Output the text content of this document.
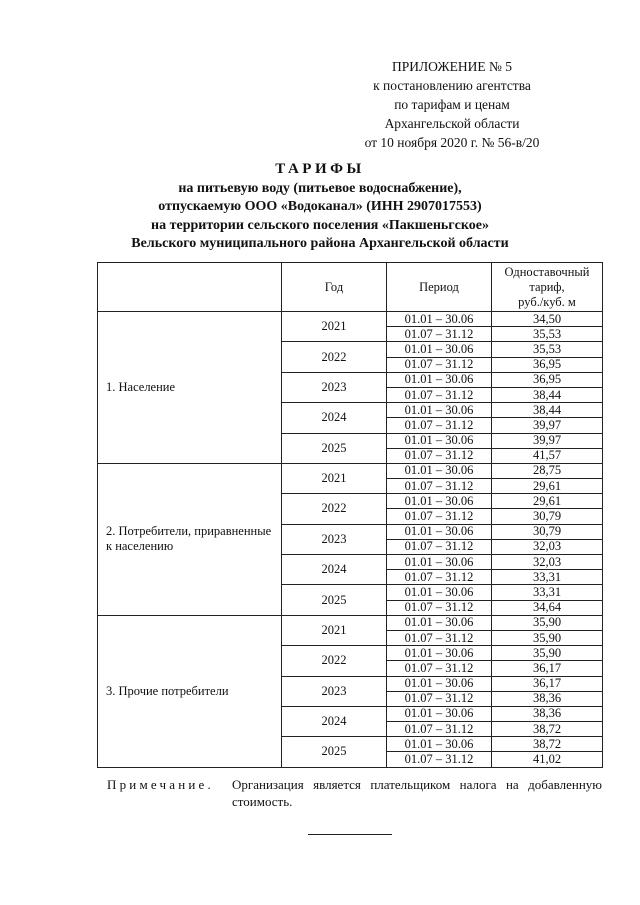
ПРИЛОЖЕНИЕ № 5
к постановлению агентства
по тарифам и ценам
Архангельской области
от 10 ноября 2020 г. № 56-в/20
ТАРИФЫ
на питьевую воду (питьевое водоснабжение),
отпускаемую ООО «Водоканал» (ИНН 2907017553)
на территории сельского поселения «Пакшеньгское»
Вельского муниципального района Архангельской области
	Год	Период	Одноставочный
тариф,
руб./куб. м

1. Население	2021	01.01 – 30.06	34,50
		01.07 – 31.12	35,53
	2022	01.01 – 30.06	35,53
		01.07 – 31.12	36,95
	2023	01.01 – 30.06	36,95
		01.07 – 31.12	38,44
	2024	01.01 – 30.06	38,44
		01.07 – 31.12	39,97
	2025	01.01 – 30.06	39,97
		01.07 – 31.12	41,57

2. Потребители, приравненные
к населению	2021	01.01 – 30.06	28,75
		01.07 – 31.12	29,61
	2022	01.01 – 30.06	29,61
		01.07 – 31.12	30,79
	2023	01.01 – 30.06	30,79
		01.07 – 31.12	32,03
	2024	01.01 – 30.06	32,03
		01.07 – 31.12	33,31
	2025	01.01 – 30.06	33,31
		01.07 – 31.12	34,64
3. Прочие потребители	2021	01.01 – 30.06	35,90
		01.07 – 31.12	35,90
	2022	01.01 – 30.06	35,90
		01.07 – 31.12	36,17
	2023	01.01 – 30.06	36,17
		01.07 – 31.12	38,36
	2024	01.01 – 30.06	38,36
		01.07 – 31.12	38,72
	2025	01.01 – 30.06	38,72
		01.07 – 31.12	41,02
Примечание. Организация является плательщиком налога на добавленную стоимость.
